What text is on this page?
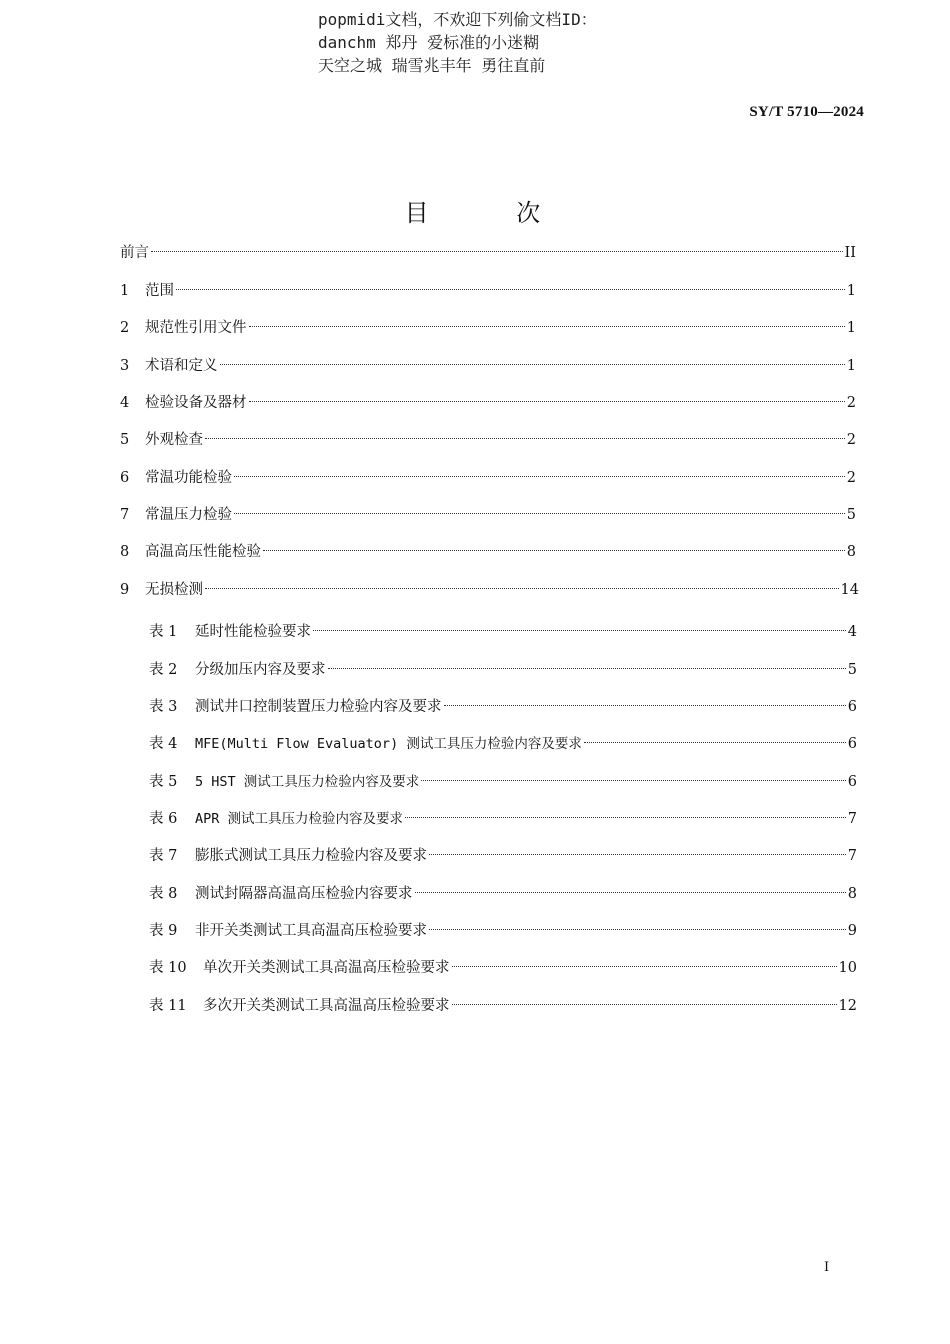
popmidi文档，不欢迎下列偷文档ID：
danchm 郑丹 爱标准的小迷糊
天空之城 瑞雪兆丰年 勇往直前
SY/T 5710—2024
目 次
前言	II
1	范围	1
2	规范性引用文件	1
3	术语和定义	1
4	检验设备及器材	2
5	外观检查	2
6	常温功能检验	2
7	常温压力检验	5
8	高温高压性能检验	8
9	无损检测	14
表 1	延时性能检验要求	4
表 2	分级加压内容及要求	5
表 3	测试井口控制装置压力检验内容及要求	6
表 4	MFE(Multi Flow Evaluator) 测试工具压力检验内容及要求	6
表 5	5 HST 测试工具压力检验内容及要求	6
表 6	APR 测试工具压力检验内容及要求	7
表 7	膨胀式测试工具压力检验内容及要求	7
表 8	测试封隔器高温高压检验内容要求	8
表 9	非开关类测试工具高温高压检验要求	9
表 10	单次开关类测试工具高温高压检验要求	10
表 11	多次开关类测试工具高温高压检验要求	12
I
